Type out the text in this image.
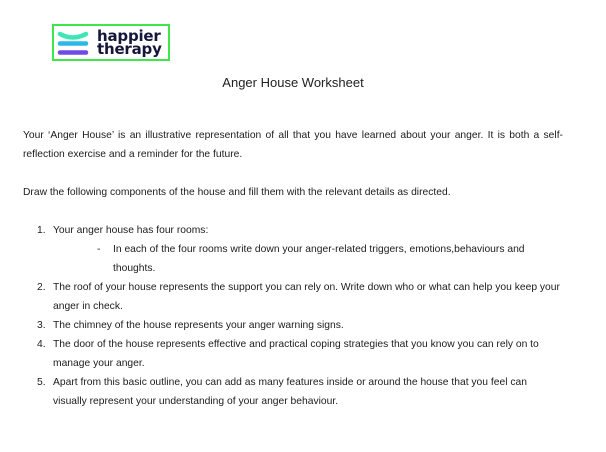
happier
therapy
Anger House Worksheet

Your ‘Anger House’ is an illustrative representation of all that you have learned about your anger. It is both a self-reflection exercise and a reminder for the future.

Draw the following components of the house and fill them with the relevant details as directed.

1. Your anger house has four rooms:
- In each of the four rooms write down your anger-related triggers, emotions,behaviours and thoughts.
2. The roof of your house represents the support you can rely on. Write down who or what can help you keep your anger in check.
3. The chimney of the house represents your anger warning signs.
4. The door of the house represents effective and practical coping strategies that you know you can rely on to manage your anger.
5. Apart from this basic outline, you can add as many features inside or around the house that you feel can visually represent your understanding of your anger behaviour.
